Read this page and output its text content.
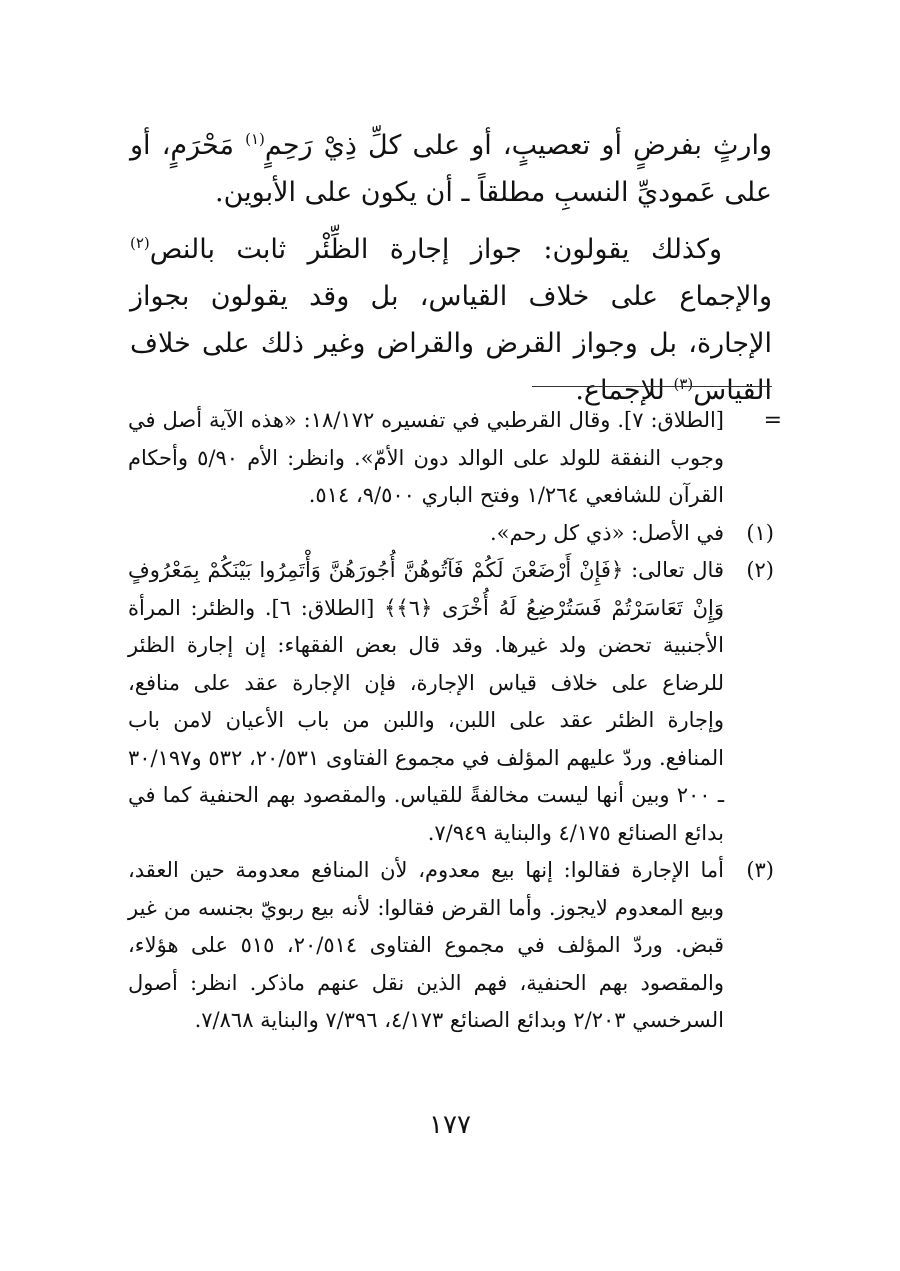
وارثٍ بفرضٍ أو تعصيبٍ، أو على كلِّ ذِيْ رَحِمٍ$^{(١)}$ مَحْرَمٍ، أو على عَموديِّ النسبِ مطلقاً ـ أن يكون على الأبوين.

وكذلك يقولون: جواز إجارة الظِّئْر ثابت بالنص$^{(٢)}$ والإجماع على خلاف القياس، بل وقد يقولون بجواز الإجارة، بل وجواز القرض والقراض وغير ذلك على خلاف القياس$^{(٣)}$ للإجماع.

=
[الطلاق: ٧]. وقال القرطبي في تفسيره ١٨/١٧٢: «هذه الآية أصل في وجوب النفقة للولد على الوالد دون الأمّ». وانظر: الأم ٥/٩٠ وأحكام القرآن للشافعي ١/٢٦٤ وفتح الباري ٩/٥٠٠، ٥١٤.
(١)
في الأصل: «ذي كل رحم».
(٢)
قال تعالى: ﴿فَإِنْ أَرْضَعْنَ لَكُمْ فَآتُوهُنَّ أُجُورَهُنَّ وَأْتَمِرُوا بَيْنَكُمْ بِمَعْرُوفٍ وَإِنْ تَعَاسَرْتُمْ فَسَتُرْضِعُ لَهُ أُخْرَى ﴿٦﴾﴾ [الطلاق: ٦]. والظئر: المرأة الأجنبية تحضن ولد غيرها. وقد قال بعض الفقهاء: إن إجارة الظئر للرضاع على خلاف قياس الإجارة، فإن الإجارة عقد على منافع، وإجارة الظئر عقد على اللبن، واللبن من باب الأعيان لامن باب المنافع. وردّ عليهم المؤلف في مجموع الفتاوى ٢٠/٥٣١، ٥٣٢ و٣٠/١٩٧ ـ ٢٠٠ وبين أنها ليست مخالفةً للقياس. والمقصود بهم الحنفية كما في بدائع الصنائع ٤/١٧٥ والبناية ٧/٩٤٩.
(٣)
أما الإجارة فقالوا: إنها بيع معدوم، لأن المنافع معدومة حين العقد، وبيع المعدوم لايجوز. وأما القرض فقالوا: لأنه بيع ربويّ بجنسه من غير قبض. وردّ المؤلف في مجموع الفتاوى ٢٠/٥١٤، ٥١٥ على هؤلاء، والمقصود بهم الحنفية، فهم الذين نقل عنهم ماذكر. انظر: أصول السرخسي ٢/٢٠٣ وبدائع الصنائع ٤/١٧٣، ٧/٣٩٦ والبناية ٧/٨٦٨.
١٧٧
